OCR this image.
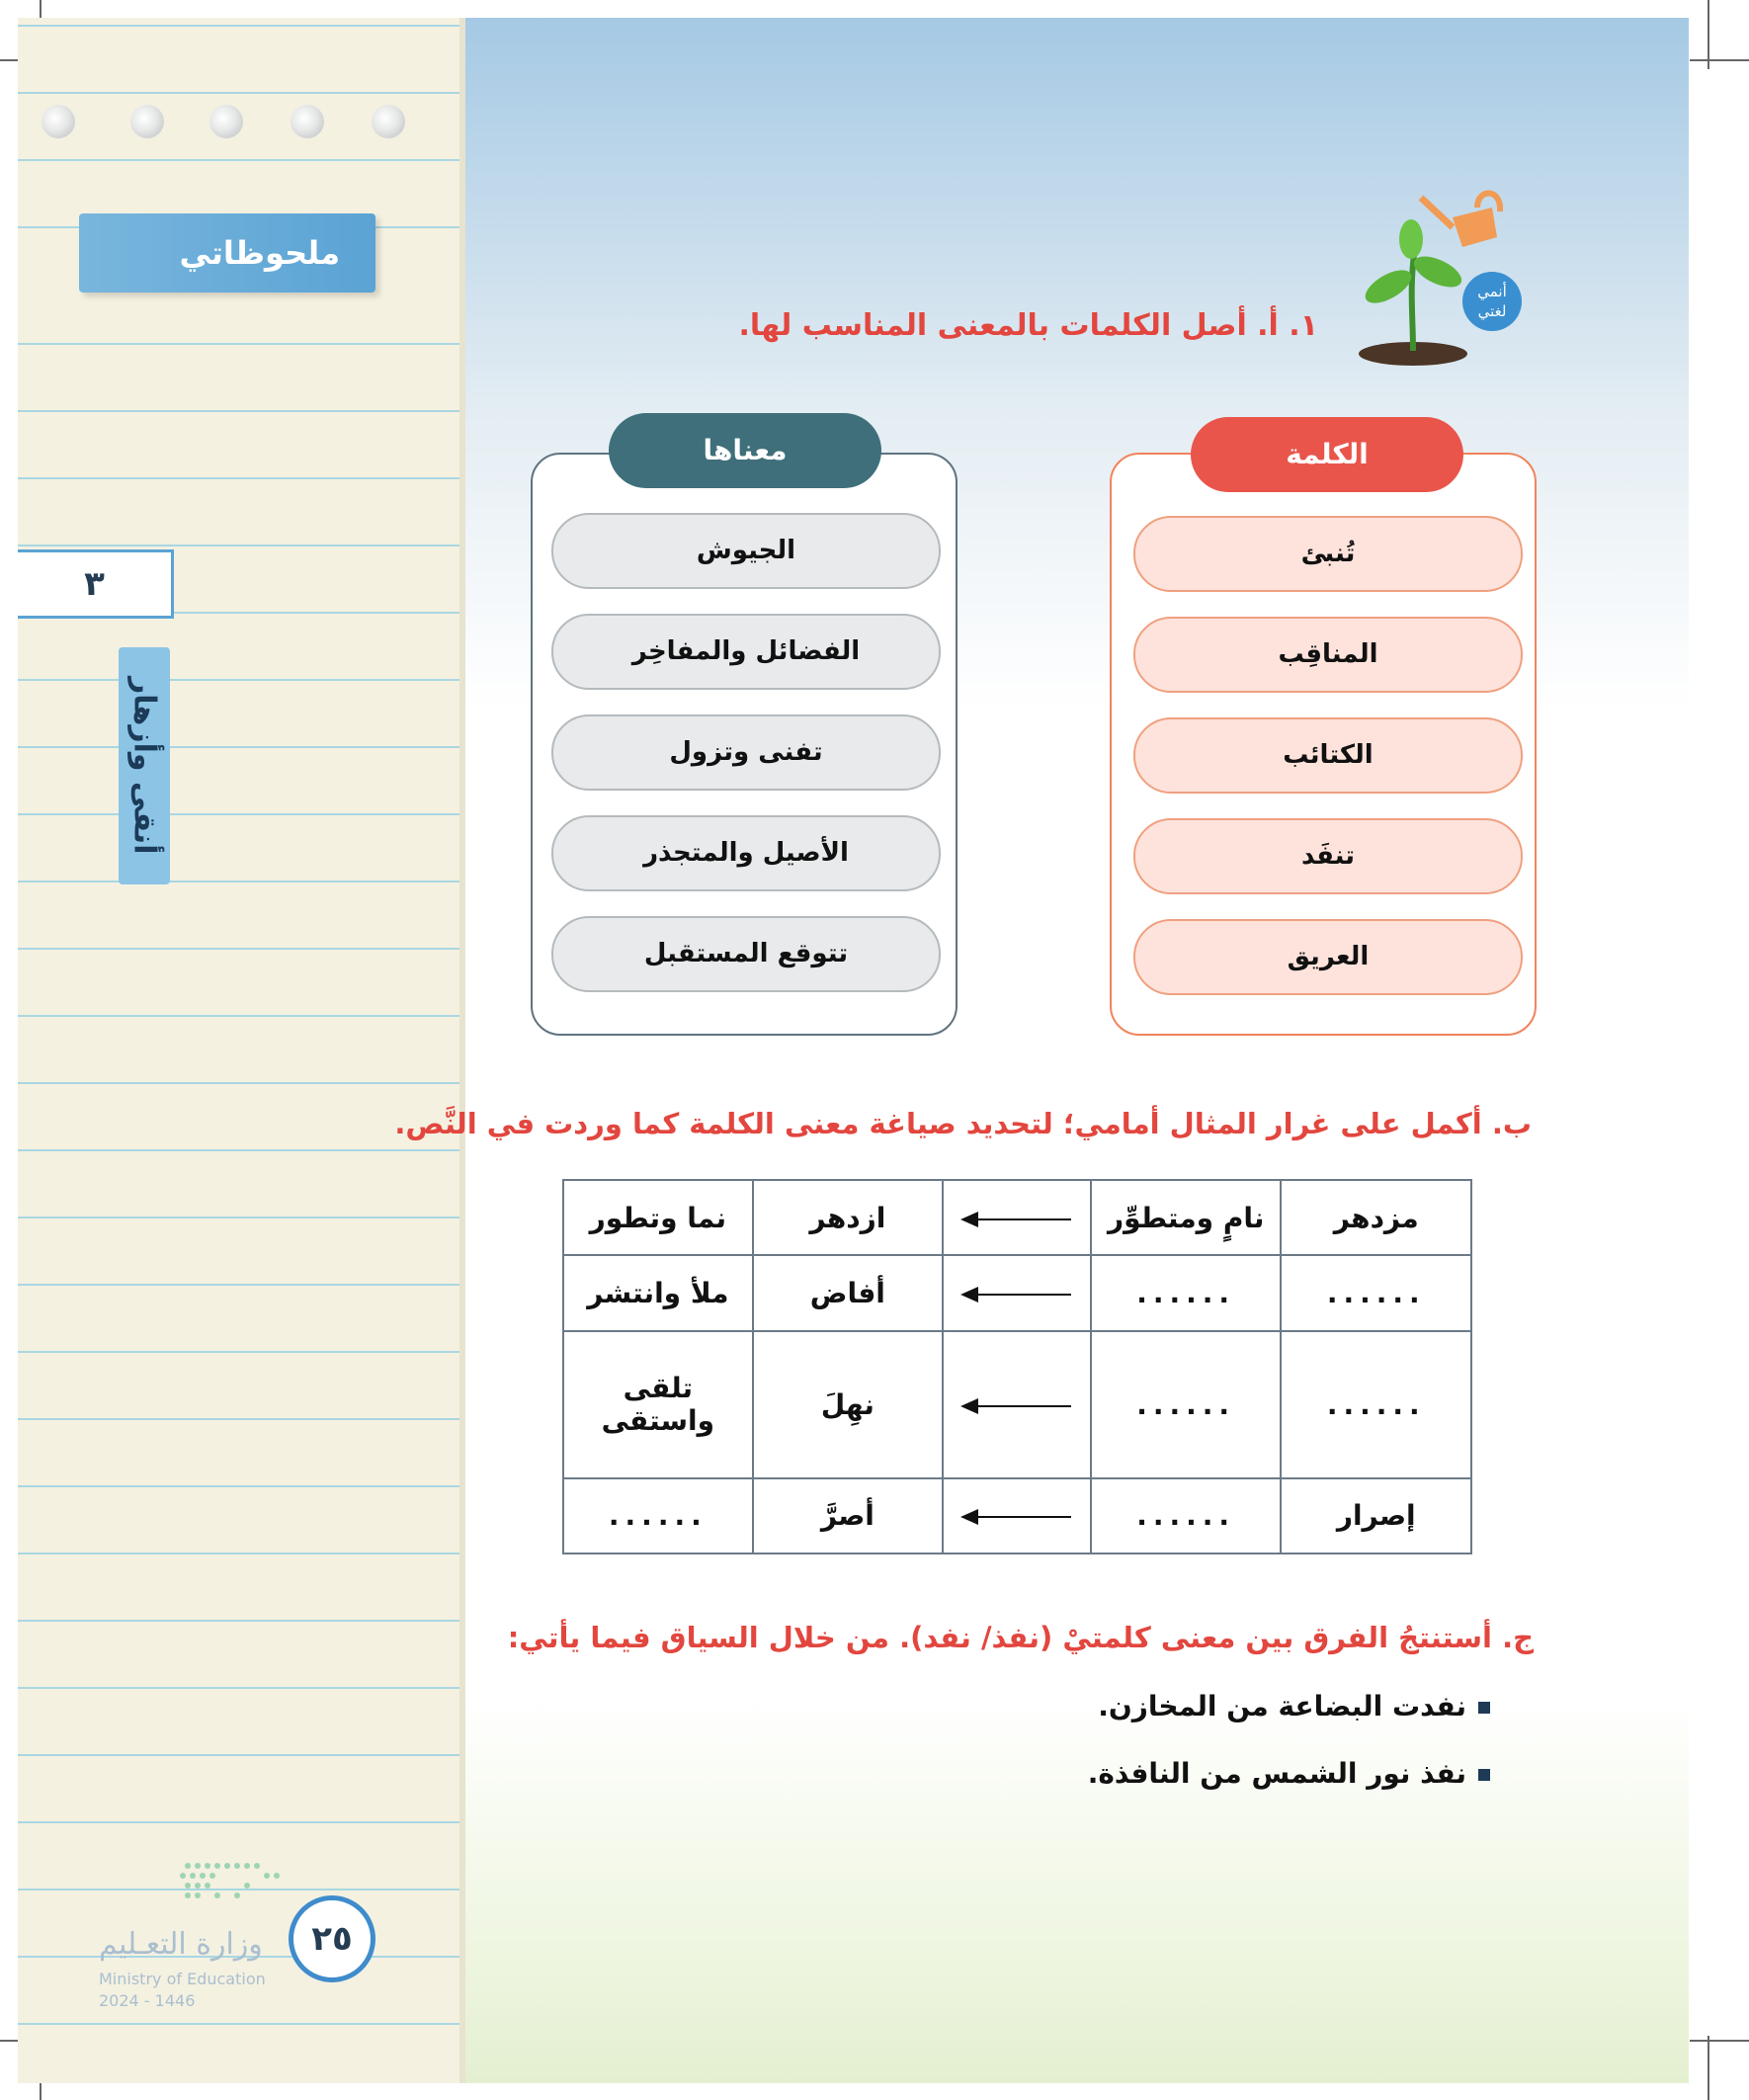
ملحوظاتي
٣
أنقى وأزهار
وزارة التعـليم
Ministry of Education
2024 - 1446
٢٥
أنمي
لغتي
١. أ. أصل الكلمات بالمعنى المناسب لها.
الكلمة
معناها
تُنبئ
المناقِب
الكتائب
تنفَد
العريق
الجيوش
الفضائل والمفاخِر
تفنى وتزول
الأصيل والمتجذر
تتوقع المستقبل
ب. أكمل على غرار المثال أمامي؛ لتحديد صياغة معنى الكلمة كما وردت في النَّص.
مزدهر	نامٍ ومتطوِّر		ازدهر	نما وتطور
......	......		أفاض	ملأ وانتشر
......	......		نهِلَ	تلقى واستقى
إصرار	......		أصرَّ	......
ج. أستنتجُ الفرق بين معنى كلمتيْ (نفذ/ نفد). من خلال السياق فيما يأتي:
نفدت البضاعة من المخازن.
نفذ نور الشمس من النافذة.
